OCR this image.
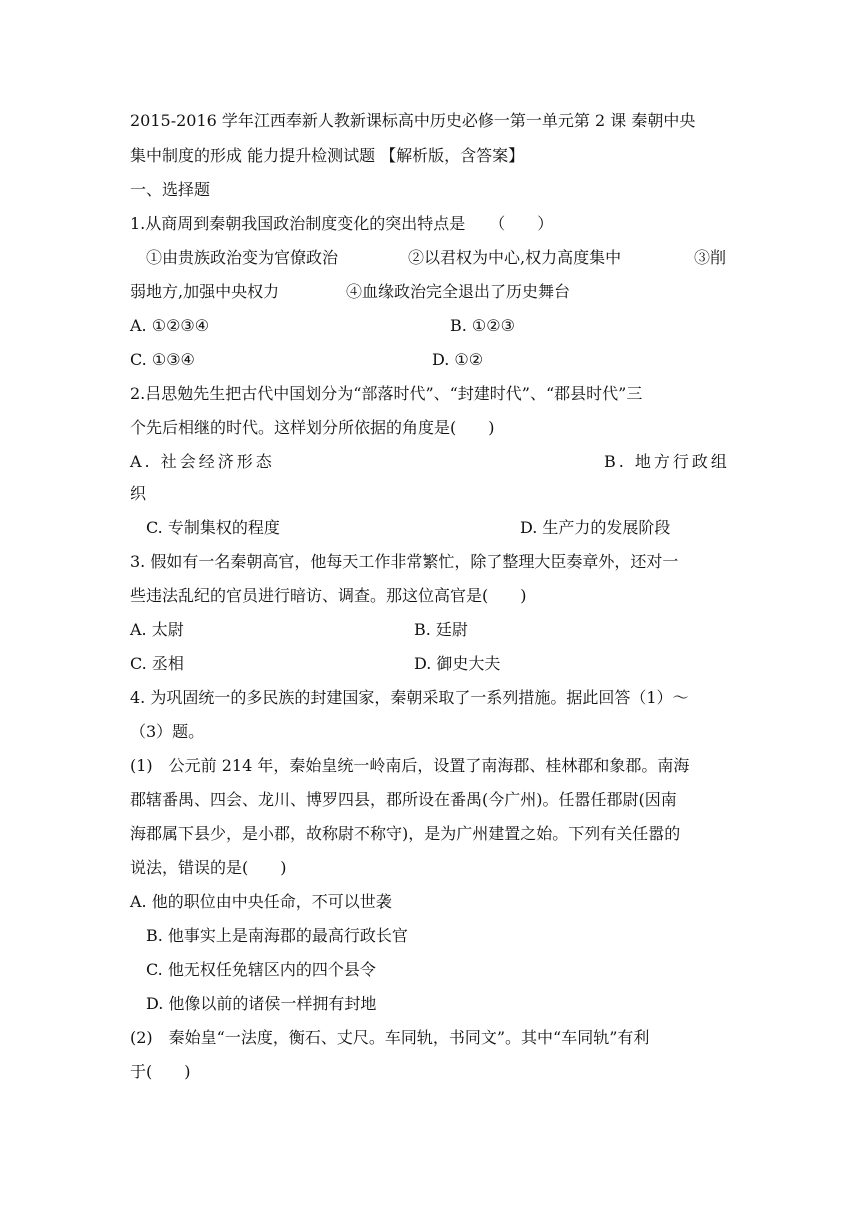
2015-2016 学年江西奉新人教新课标高中历史必修一第一单元第 2 课 秦朝中央
集中制度的形成 能力提升检测试题 【解析版，含答案】
一、选择题
1.从商周到秦朝我国政治制度变化的突出特点是　　（　　）
①由贵族政治变为官僚政治	②以君权为中心,权力高度集中	③削
弱地方,加强中央权力	④血缘政治完全退出了历史舞台
A. ①②③④	B. ①②③
C. ①③④	D. ①②
2.吕思勉先生把古代中国划分为“部落时代”、“封建时代”、“郡县时代”三
个先后相继的时代。这样划分所依据的角度是(　　)
A. 社会经济形态	B. 地方行政组
织
C. 专制集权的程度	D. 生产力的发展阶段
3. 假如有一名秦朝高官，他每天工作非常繁忙，除了整理大臣奏章外，还对一
些违法乱纪的官员进行暗访、调查。那这位高官是(　　)
A. 太尉	B. 廷尉
C. 丞相	D. 御史大夫
4. 为巩固统一的多民族的封建国家，秦朝采取了一系列措施。据此回答（1）～
（3）题。
(1)　公元前 214 年，秦始皇统一岭南后，设置了南海郡、桂林郡和象郡。南海
郡辖番禺、四会、龙川、博罗四县，郡所设在番禺(今广州)。任嚣任郡尉(因南
海郡属下县少，是小郡，故称尉不称守)，是为广州建置之始。下列有关任嚣的
说法，错误的是(　　)
A. 他的职位由中央任命，不可以世袭
B. 他事实上是南海郡的最高行政长官
C. 他无权任免辖区内的四个县令
D. 他像以前的诸侯一样拥有封地
(2)　秦始皇“一法度，衡石、丈尺。车同轨，书同文”。其中“车同轨”有利
于(　　)
